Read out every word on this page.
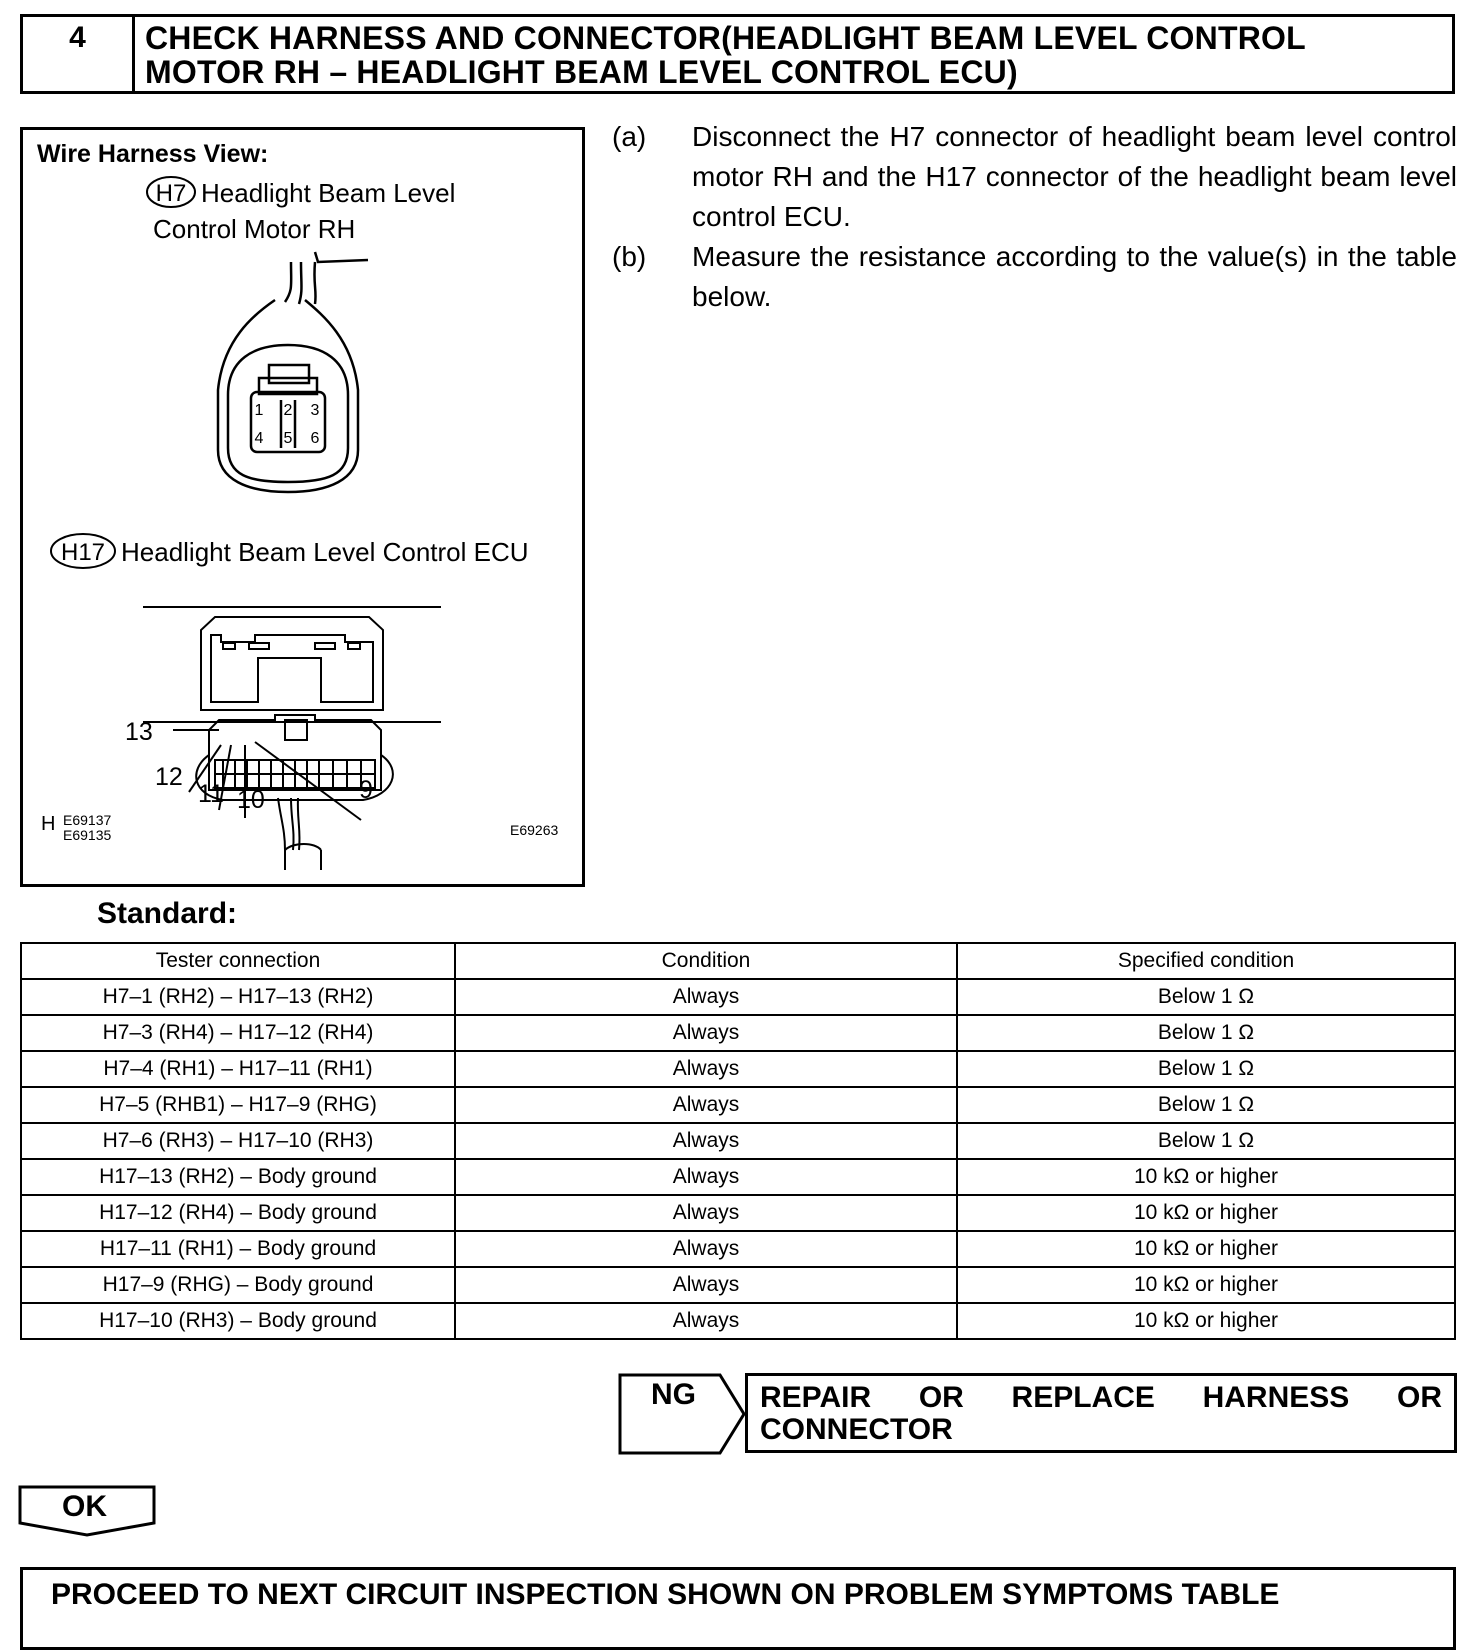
4	CHECK HARNESS AND CONNECTOR(HEADLIGHT BEAM LEVEL CONTROL
MOTOR RH – HEADLIGHT BEAM LEVEL CONTROL ECU)
Wire Harness View:
H7 Headlight Beam Level
Control Motor RH
1 2 3
4 5 6
H17 Headlight Beam Level Control ECU
13
12
11 10	9
H E69137
E69135	E69263
(a)	Disconnect the H7 connector of headlight beam level control motor RH and the H17 connector of the headlight beam level control ECU.
(b)	Measure the resistance according to the value(s) in the table below.
Standard:
Tester connection	Condition	Specified condition
H7–1 (RH2) – H17–13 (RH2)	Always	Below 1 Ω
H7–3 (RH4) – H17–12 (RH4)	Always	Below 1 Ω
H7–4 (RH1) – H17–11 (RH1)	Always	Below 1 Ω
H7–5 (RHB1) – H17–9 (RHG)	Always	Below 1 Ω
H7–6 (RH3) – H17–10 (RH3)	Always	Below 1 Ω
H17–13 (RH2) – Body ground	Always	10 kΩ or higher
H17–12 (RH4) – Body ground	Always	10 kΩ or higher
H17–11 (RH1) – Body ground	Always	10 kΩ or higher
H17–9 (RHG) – Body ground	Always	10 kΩ or higher
H17–10 (RH3) – Body ground	Always	10 kΩ or higher
NG REPAIR OR REPLACE HARNESS OR
CONNECTOR
OK
PROCEED TO NEXT CIRCUIT INSPECTION SHOWN ON PROBLEM SYMPTOMS TABLE
